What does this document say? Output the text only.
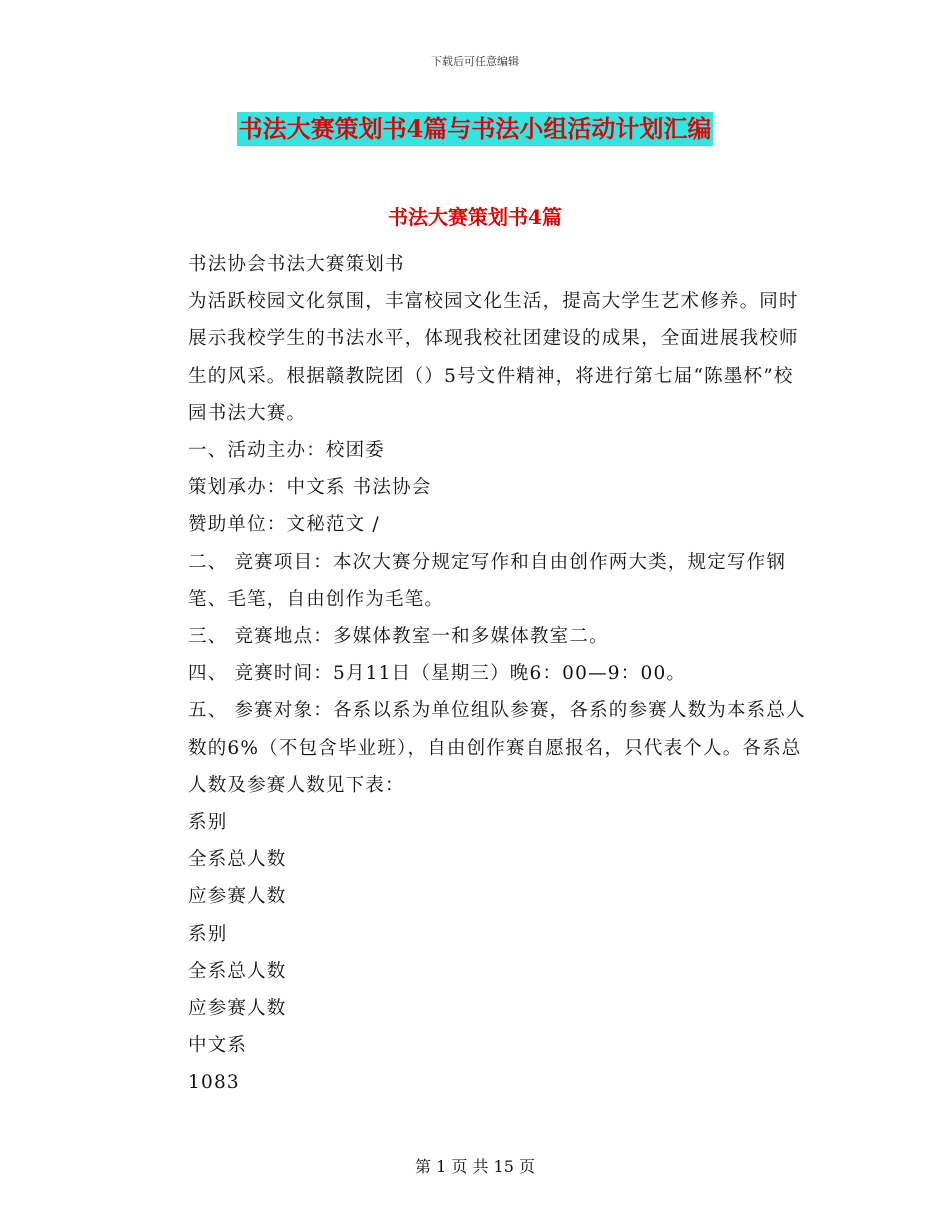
下载后可任意编辑
书法大赛策划书4篇与书法小组活动计划汇编
书法大赛策划书4篇

书法协会书法大赛策划书

为活跃校园文化氛围，丰富校园文化生活，提高大学生艺术修养。同时展示我校学生的书法水平，体现我校社团建设的成果，全面进展我校师生的风采。根据赣教院团（）5号文件精神，将进行第七届“陈墨杯”校园书法大赛。

一、活动主办：校团委

策划承办：中文系 书法协会

赞助单位：文秘范文 /

二、 竞赛项目：本次大赛分规定写作和自由创作两大类，规定写作钢笔、毛笔，自由创作为毛笔。

三、 竞赛地点：多媒体教室一和多媒体教室二。

四、 竞赛时间：5月11日（星期三）晚6：00—9：00。

五、 参赛对象：各系以系为单位组队参赛，各系的参赛人数为本系总人数的6%（不包含毕业班），自由创作赛自愿报名，只代表个人。各系总人数及参赛人数见下表：

系别

全系总人数

应参赛人数

系别

全系总人数

应参赛人数

中文系

1083

第 1 页 共 15 页
